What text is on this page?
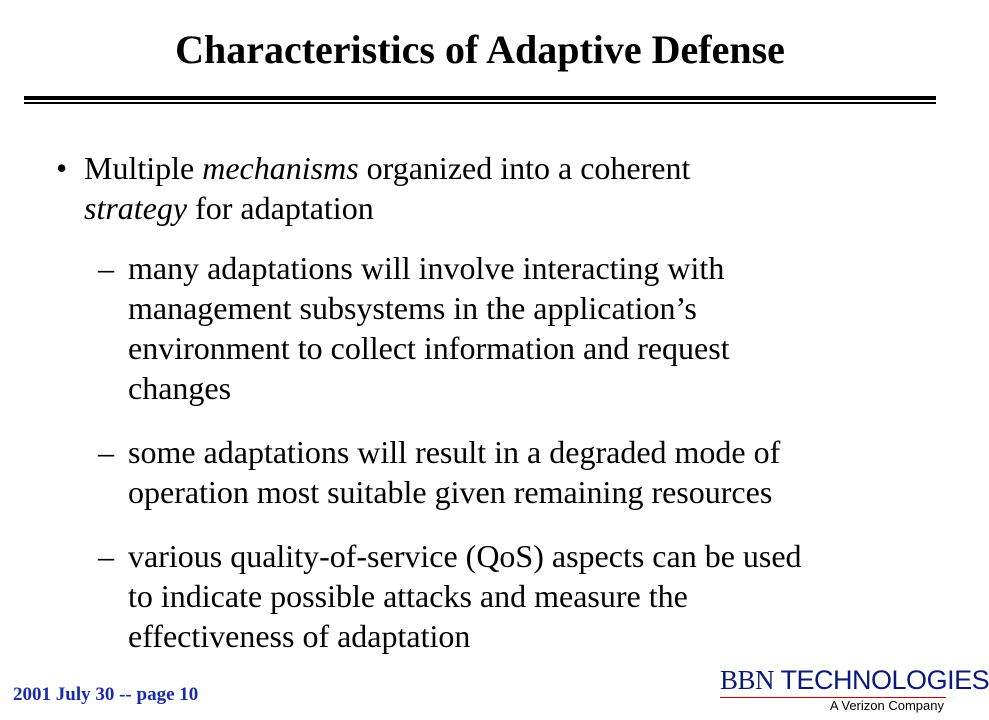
Characteristics of Adaptive Defense
• Multiple mechanisms organized into a coherent
strategy for adaptation
– many adaptations will involve interacting with
management subsystems in the application’s
environment to collect information and request
changes
– some adaptations will result in a degraded mode of
operation most suitable given remaining resources
– various quality-of-service (QoS) aspects can be used
to indicate possible attacks and measure the
effectiveness of adaptation
2001 July 30 -- page 10	BBN TECHNOLOGIES
A Verizon Company
